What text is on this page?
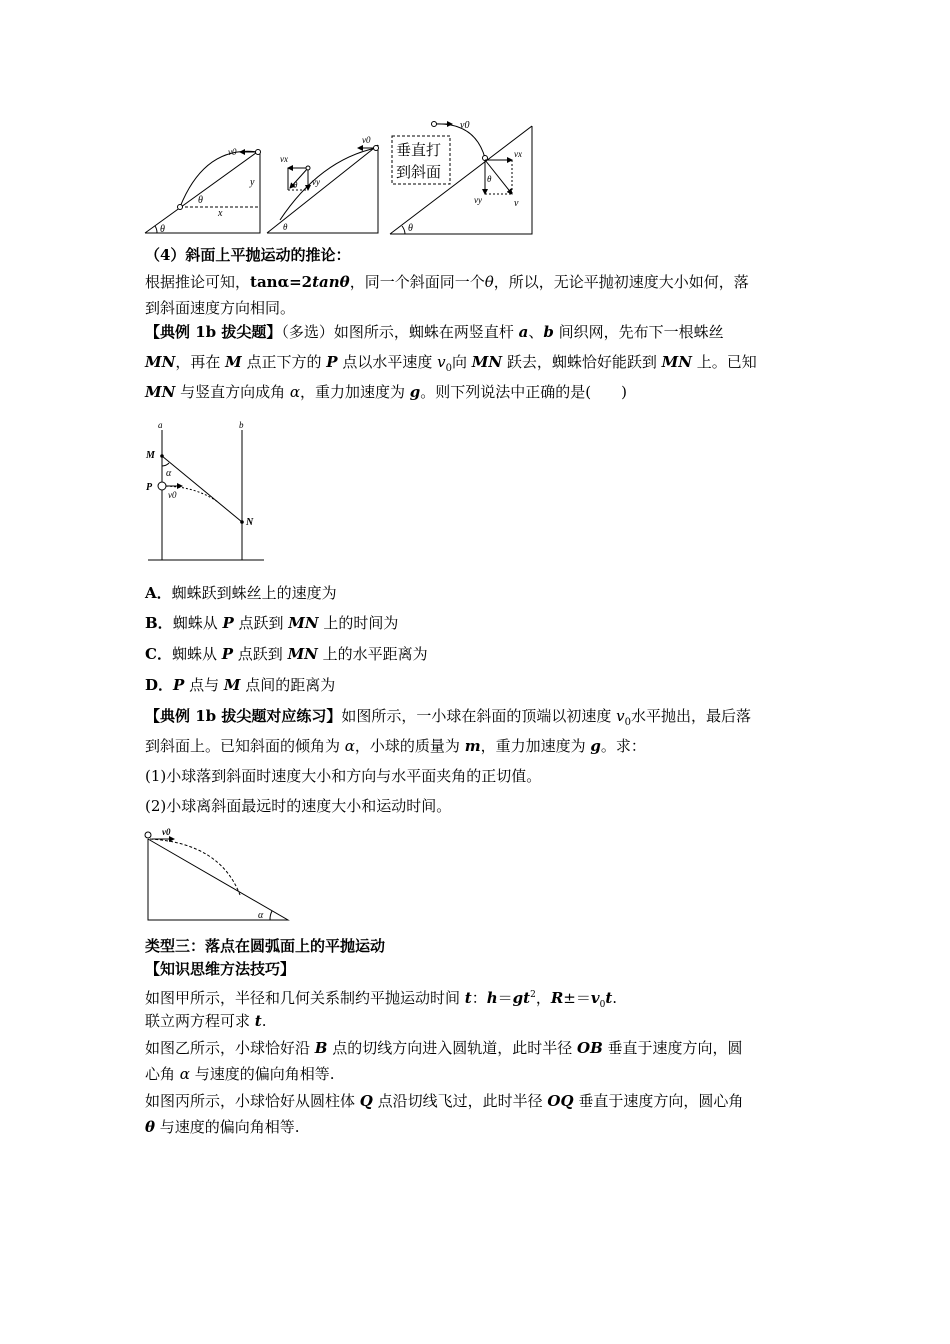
v0
y
x
θ
θ
v0
vx
vy
θ
θ
v0
vx
vy	v
θ
θ
垂直打
到斜面
（4）斜面上平抛运动的推论：
根据推论可知，tanα=2tanθ，同一个斜面同一个θ，所以，无论平抛初速度大小如何，落
到斜面速度方向相同。
【典例 1b 拔尖题】（多选）如图所示，蜘蛛在两竖直杆 a、b 间织网，先布下一根蛛丝
MN，再在 M 点正下方的 P 点以水平速度 $v_0$向 MN 跃去，蜘蛛恰好能跃到 MN 上。已知
MN 与竖直方向成角 α，重力加速度为 g。则下列说法中正确的是(　　)
a	b
M
α
P
v0
N
A．蜘蛛跃到蛛丝上的速度为
B．蜘蛛从 P 点跃到 MN 上的时间为
C．蜘蛛从 P 点跃到 MN 上的水平距离为
D．P 点与 M 点间的距离为
【典例 1b 拔尖题对应练习】如图所示，一小球在斜面的顶端以初速度 $v_0$水平抛出，最后落
到斜面上。已知斜面的倾角为 α，小球的质量为 m，重力加速度为 g。求：
(1)小球落到斜面时速度大小和方向与水平面夹角的正切值。
(2)小球离斜面最远时的速度大小和运动时间。
v0
α
类型三：落点在圆弧面上的平抛运动
【知识思维方法技巧】
如图甲所示，半径和几何关系制约平抛运动时间 t：$h=gt^2$，$R\pm=v_0t$.
联立两方程可求 t.
如图乙所示，小球恰好沿 B 点的切线方向进入圆轨道，此时半径 OB 垂直于速度方向，圆
心角 α 与速度的偏向角相等.
如图丙所示，小球恰好从圆柱体 Q 点沿切线飞过，此时半径 OQ 垂直于速度方向，圆心角
θ 与速度的偏向角相等.
